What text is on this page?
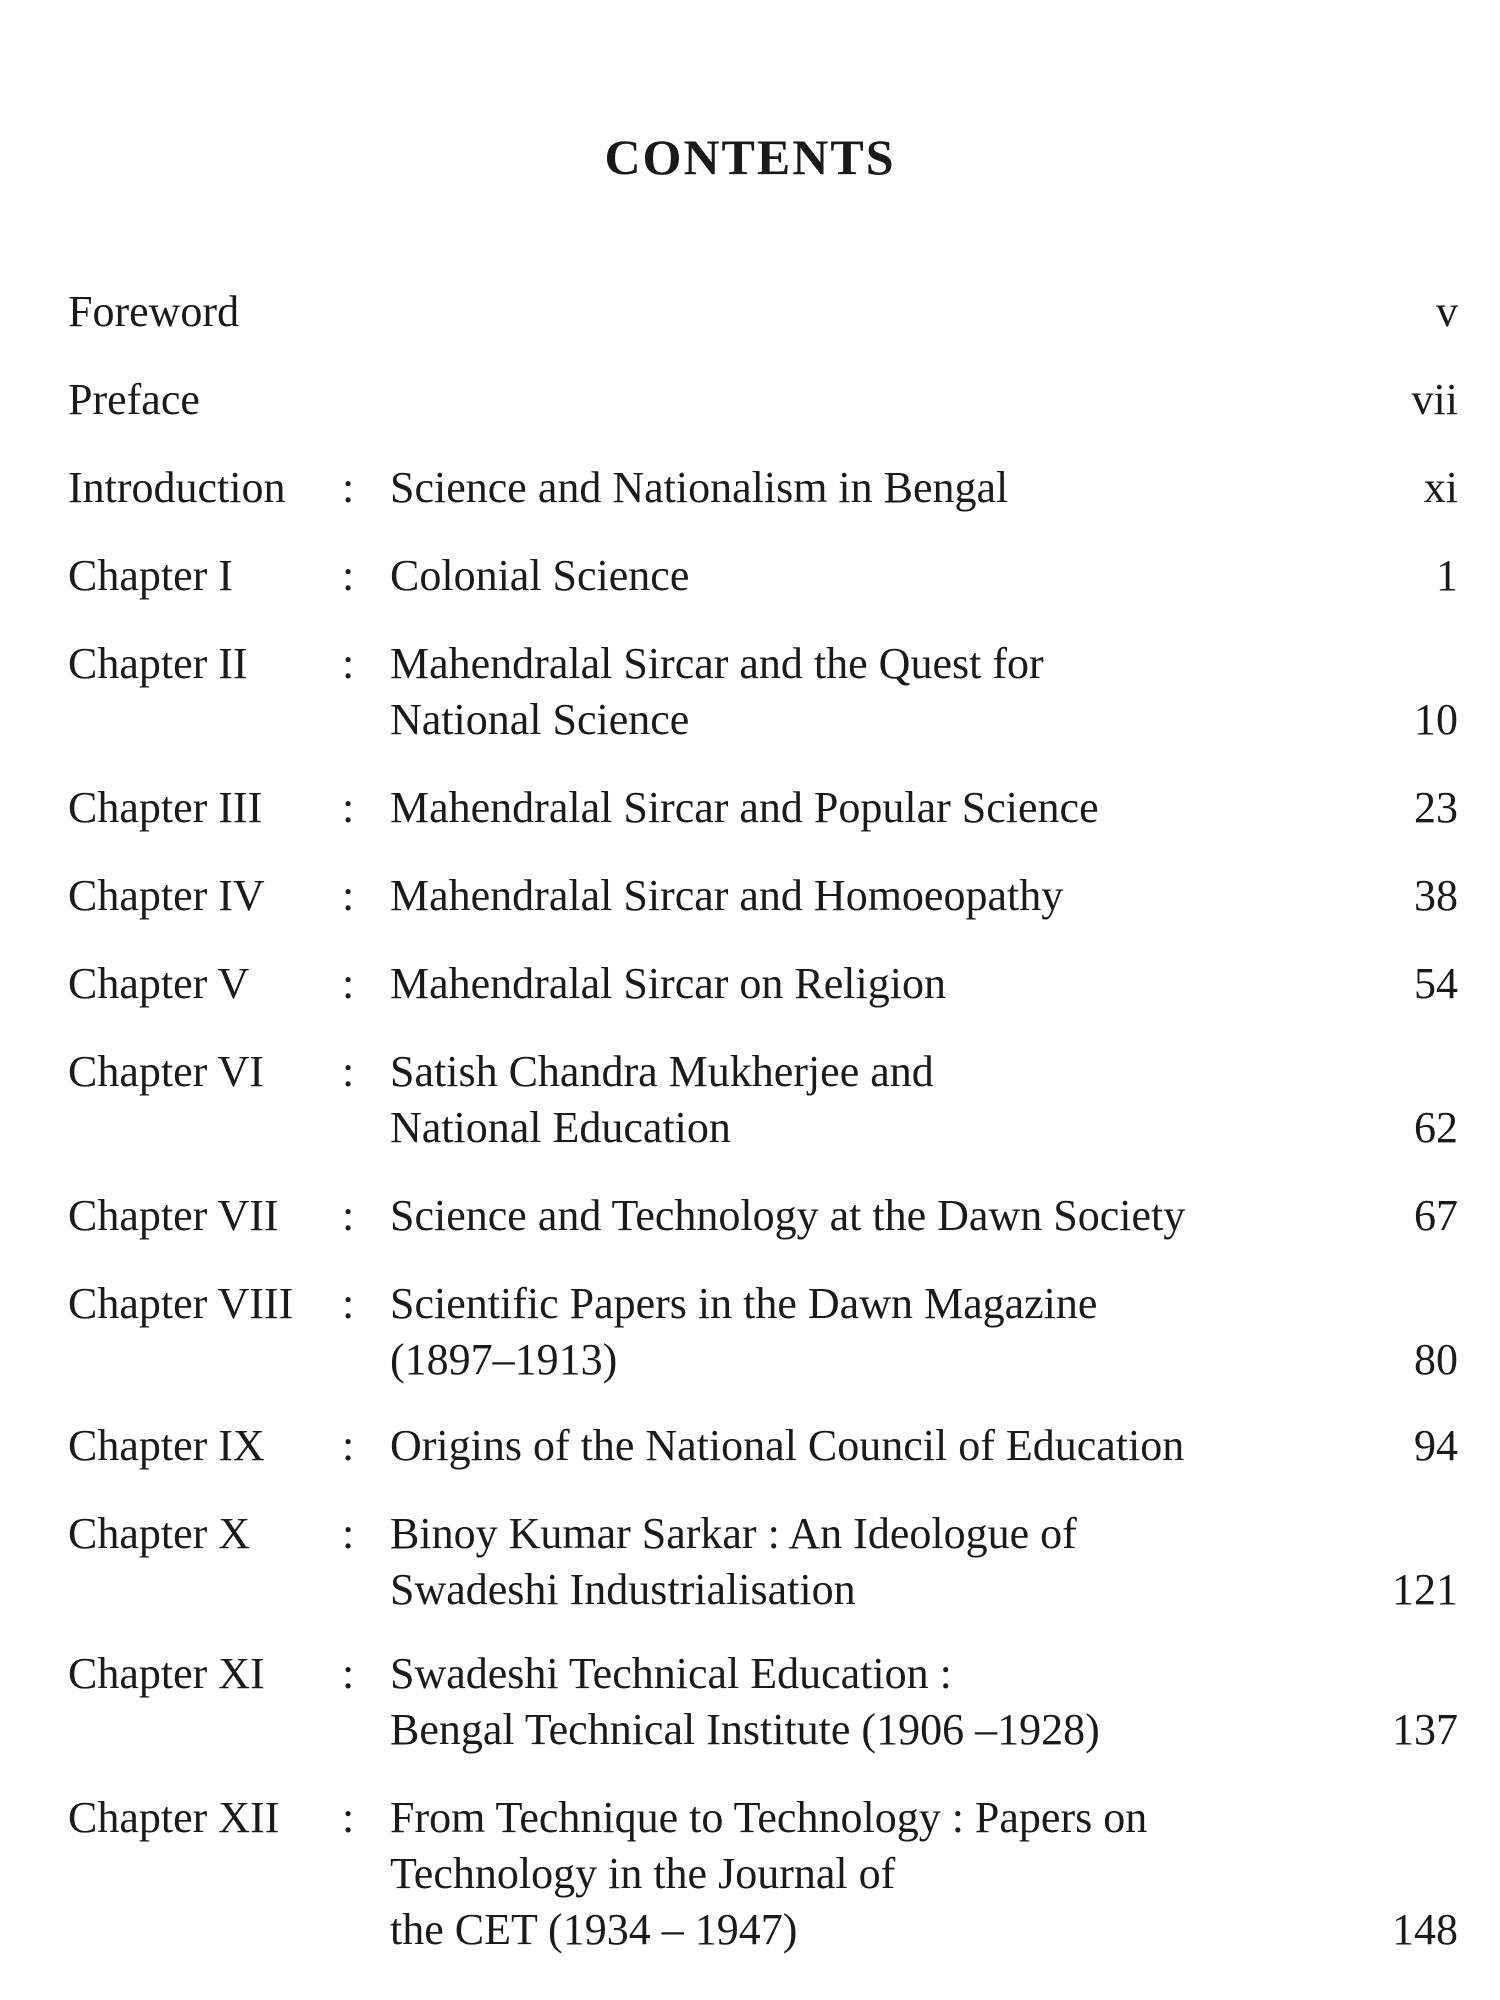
CONTENTS
Foreword	v
Preface	vii
Introduction : Science and Nationalism in Bengal	xi
Chapter I : Colonial Science	1
Chapter II : Mahendralal Sircar and the Quest for
National Science	10
Chapter III : Mahendralal Sircar and Popular Science	23
Chapter IV : Mahendralal Sircar and Homoeopathy	38
Chapter V : Mahendralal Sircar on Religion	54
Chapter VI : Satish Chandra Mukherjee and
National Education	62
Chapter VII : Science and Technology at the Dawn Society	67
Chapter VIII : Scientific Papers in the Dawn Magazine
(1897–1913)	80
Chapter IX : Origins of the National Council of Education	94
Chapter X : Binoy Kumar Sarkar : An Ideologue of
Swadeshi Industrialisation	121
Chapter XI : Swadeshi Technical Education :
Bengal Technical Institute (1906 –1928)	137
Chapter XII : From Technique to Technology : Papers on
Technology in the Journal of
the CET (1934 – 1947)	148
